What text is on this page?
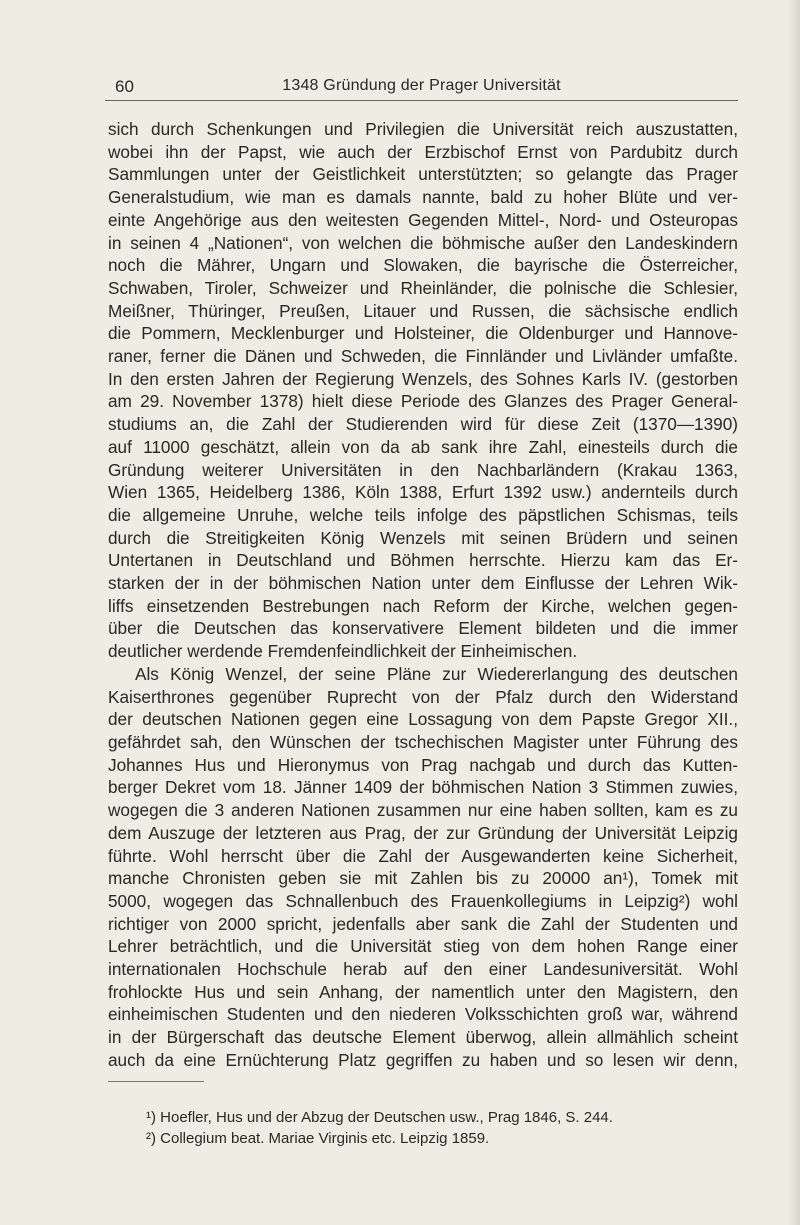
60	1348 Gründung der Prager Universität
sich durch Schenkungen und Privilegien die Universität reich auszustatten,
wobei ihn der Papst, wie auch der Erzbischof Ernst von Pardubitz durch
Sammlungen unter der Geistlichkeit unterstützten; so gelangte das Prager
Generalstudium, wie man es damals nannte, bald zu hoher Blüte und ver-
einte Angehörige aus den weitesten Gegenden Mittel-, Nord- und Osteuropas
in seinen 4 „Nationen“, von welchen die böhmische außer den Landeskindern
noch die Mährer, Ungarn und Slowaken, die bayrische die Österreicher,
Schwaben, Tiroler, Schweizer und Rheinländer, die polnische die Schlesier,
Meißner, Thüringer, Preußen, Litauer und Russen, die sächsische endlich
die Pommern, Mecklenburger und Holsteiner, die Oldenburger und Hannove-
raner, ferner die Dänen und Schweden, die Finnländer und Livländer umfaßte.
In den ersten Jahren der Regierung Wenzels, des Sohnes Karls IV. (gestorben
am 29. November 1378) hielt diese Periode des Glanzes des Prager General-
studiums an, die Zahl der Studierenden wird für diese Zeit (1370—1390)
auf 11000 geschätzt, allein von da ab sank ihre Zahl, einesteils durch die
Gründung weiterer Universitäten in den Nachbarländern (Krakau 1363,
Wien 1365, Heidelberg 1386, Köln 1388, Erfurt 1392 usw.) andernteils durch
die allgemeine Unruhe, welche teils infolge des päpstlichen Schismas, teils
durch die Streitigkeiten König Wenzels mit seinen Brüdern und seinen
Untertanen in Deutschland und Böhmen herrschte. Hierzu kam das Er-
starken der in der böhmischen Nation unter dem Einflusse der Lehren Wik-
liffs einsetzenden Bestrebungen nach Reform der Kirche, welchen gegen-
über die Deutschen das konservativere Element bildeten und die immer
deutlicher werdende Fremdenfeindlichkeit der Einheimischen.
Als König Wenzel, der seine Pläne zur Wiedererlangung des deutschen
Kaiserthrones gegenüber Ruprecht von der Pfalz durch den Widerstand
der deutschen Nationen gegen eine Lossagung von dem Papste Gregor XII.,
gefährdet sah, den Wünschen der tschechischen Magister unter Führung des
Johannes Hus und Hieronymus von Prag nachgab und durch das Kutten-
berger Dekret vom 18. Jänner 1409 der böhmischen Nation 3 Stimmen zuwies,
wogegen die 3 anderen Nationen zusammen nur eine haben sollten, kam es zu
dem Auszuge der letzteren aus Prag, der zur Gründung der Universität Leipzig
führte. Wohl herrscht über die Zahl der Ausgewanderten keine Sicherheit,
manche Chronisten geben sie mit Zahlen bis zu 20000 an¹), Tomek mit
5000, wogegen das Schnallenbuch des Frauenkollegiums in Leipzig²) wohl
richtiger von 2000 spricht, jedenfalls aber sank die Zahl der Studenten und
Lehrer beträchtlich, und die Universität stieg von dem hohen Range einer
internationalen Hochschule herab auf den einer Landesuniversität. Wohl
frohlockte Hus und sein Anhang, der namentlich unter den Magistern, den
einheimischen Studenten und den niederen Volksschichten groß war, während
in der Bürgerschaft das deutsche Element überwog, allein allmählich scheint
auch da eine Ernüchterung Platz gegriffen zu haben und so lesen wir denn,
¹) Hoefler, Hus und der Abzug der Deutschen usw., Prag 1846, S. 244.
²) Collegium beat. Mariae Virginis etc. Leipzig 1859.
